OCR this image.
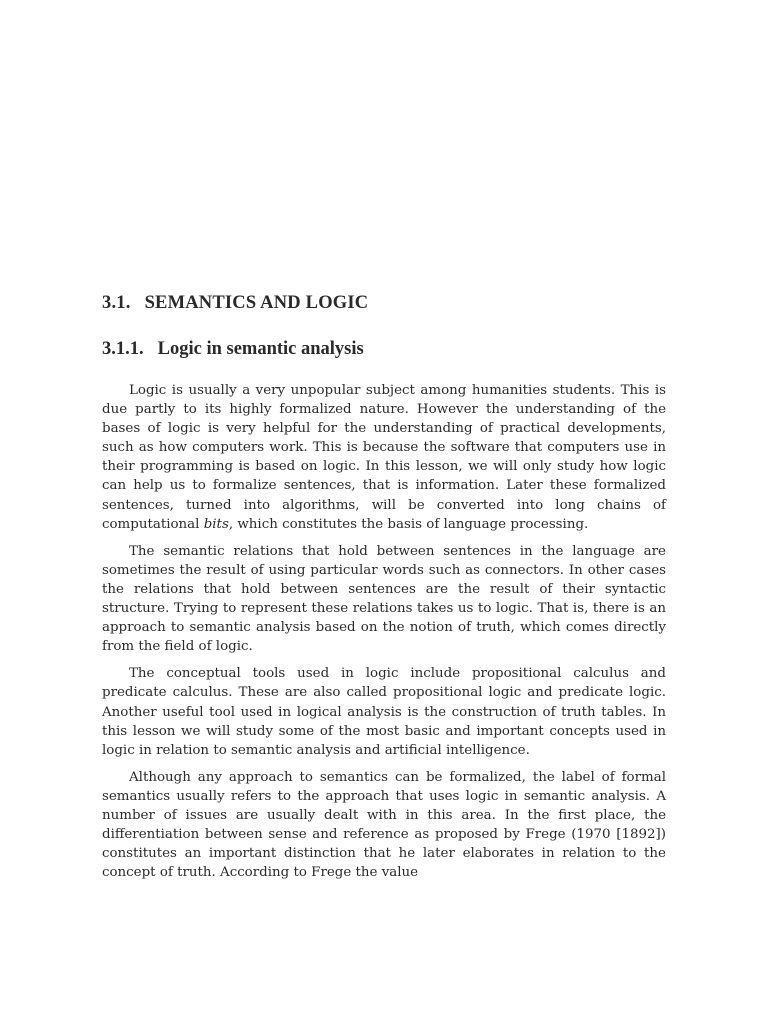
3.1. SEMANTICS AND LOGIC
3.1.1. Logic in semantic analysis

Logic is usually a very unpopular subject among humanities students. This is due partly to its highly formalized nature. However the understanding of the bases of logic is very helpful for the understanding of practical developments, such as how computers work. This is because the software that computers use in their programming is based on logic. In this lesson, we will only study how logic can help us to formalize sentences, that is information. Later these formalized sentences, turned into algorithms, will be converted into long chains of computational bits, which constitutes the basis of language processing.

The semantic relations that hold between sentences in the language are sometimes the result of using particular words such as connectors. In other cases the relations that hold between sentences are the result of their syntactic structure. Trying to represent these relations takes us to logic. That is, there is an approach to semantic analysis based on the notion of truth, which comes directly from the field of logic.

The conceptual tools used in logic include propositional calculus and predicate calculus. These are also called propositional logic and predicate logic. Another useful tool used in logical analysis is the construction of truth tables. In this lesson we will study some of the most basic and important concepts used in logic in relation to semantic analysis and artificial intelligence.

Although any approach to semantics can be formalized, the label of formal semantics usually refers to the approach that uses logic in semantic analysis. A number of issues are usually dealt with in this area. In the first place, the differentiation between sense and reference as proposed by Frege (1970 [1892]) constitutes an important distinction that he later elaborates in relation to the concept of truth. According to Frege the value
